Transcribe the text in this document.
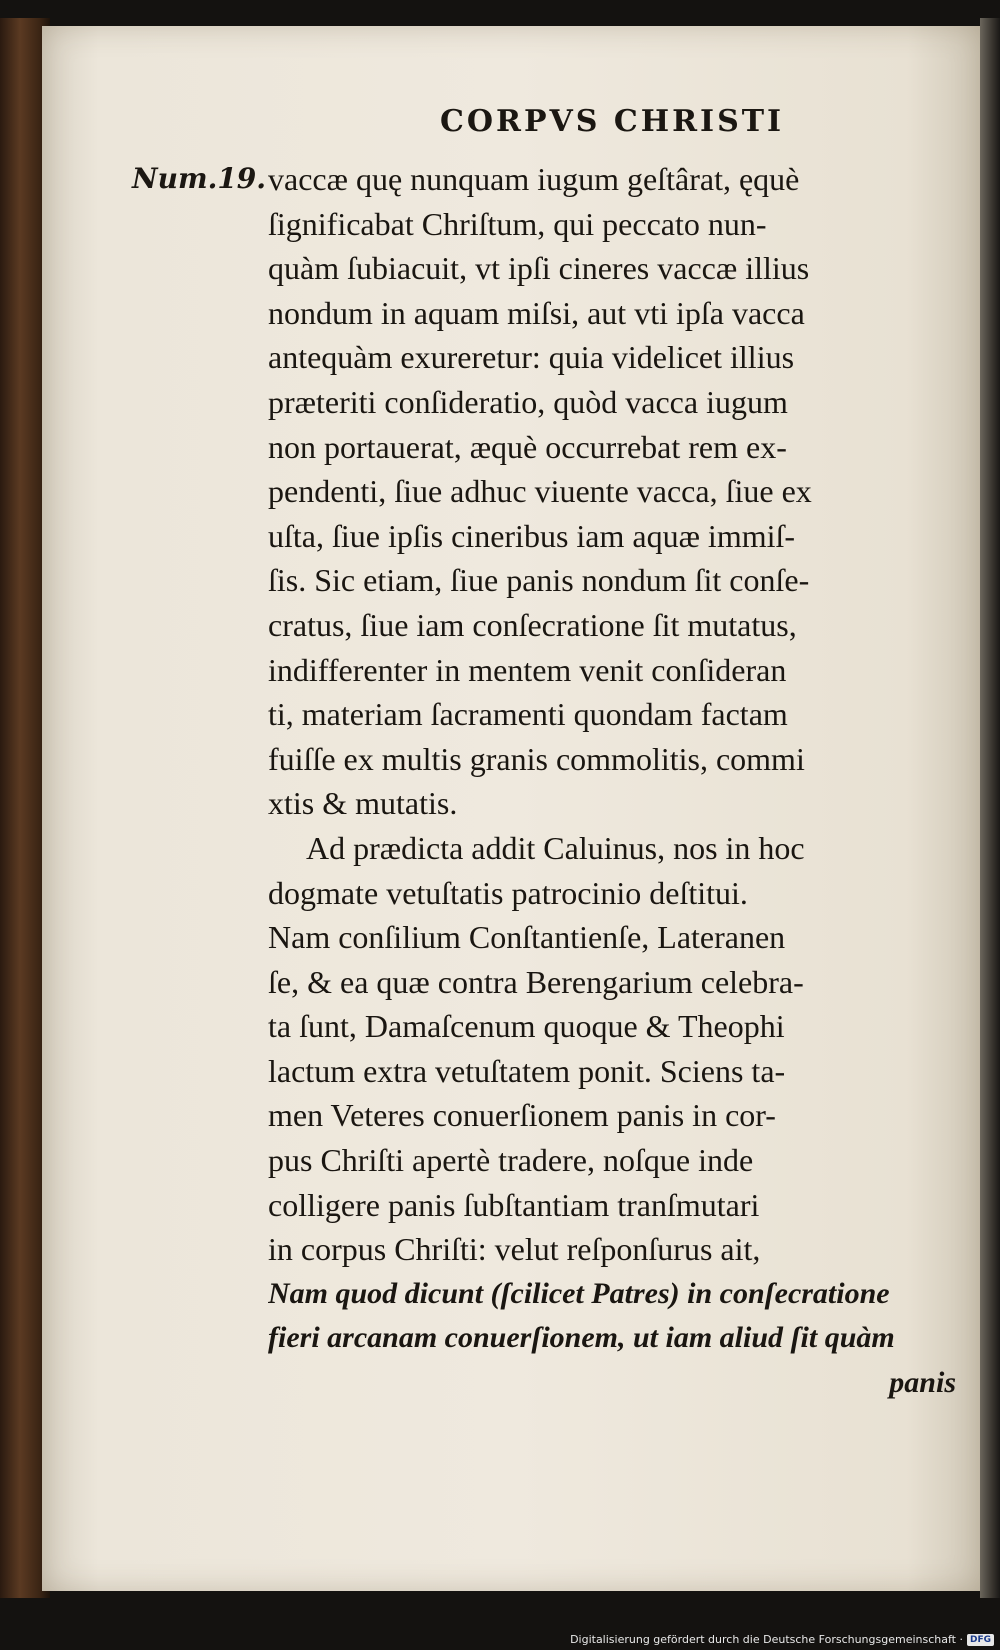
CORPVS CHRISTI
Num.19. vaccæ quę nunquam iugum geſtârat, ęquè
ſignificabat Chriſtum, qui peccato nun-
quàm ſubiacuit, vt ipſi cineres vaccæ illius
nondum in aquam miſsi, aut vti ipſa vacca
antequàm exureretur: quia videlicet illius
præteriti conſideratio, quòd vacca iugum
non portauerat, æquè occurrebat rem ex-
pendenti, ſiue adhuc viuente vacca, ſiue ex
uſta, ſiue ipſis cineribus iam aquæ immiſ-
ſis. Sic etiam, ſiue panis nondum ſit conſe-
cratus, ſiue iam conſecratione ſit mutatus,
indifferenter in mentem venit conſideran
ti, materiam ſacramenti quondam factam
fuiſſe ex multis granis commolitis, commi
xtis & mutatis.
Ad prædicta addit Caluinus, nos in hoc
dogmate vetuſtatis patrocinio deſtitui.
Nam conſilium Conſtantienſe, Lateranen
ſe, & ea quæ contra Berengarium celebra-
ta ſunt, Damaſcenum quoque & Theophi
lactum extra vetuſtatem ponit. Sciens ta-
men Veteres conuerſionem panis in cor-
pus Chriſti apertè tradere, noſque inde
colligere panis ſubſtantiam tranſmutari
in corpus Chriſti: velut reſponſurus ait,
Nam quod dicunt (ſcilicet Patres) in conſecratione
fieri arcanam conuerſionem, ut iam aliud ſit quàm
panis
Digitalisierung gefördert durch die Deutsche Forschungsgemeinschaft · DFG
